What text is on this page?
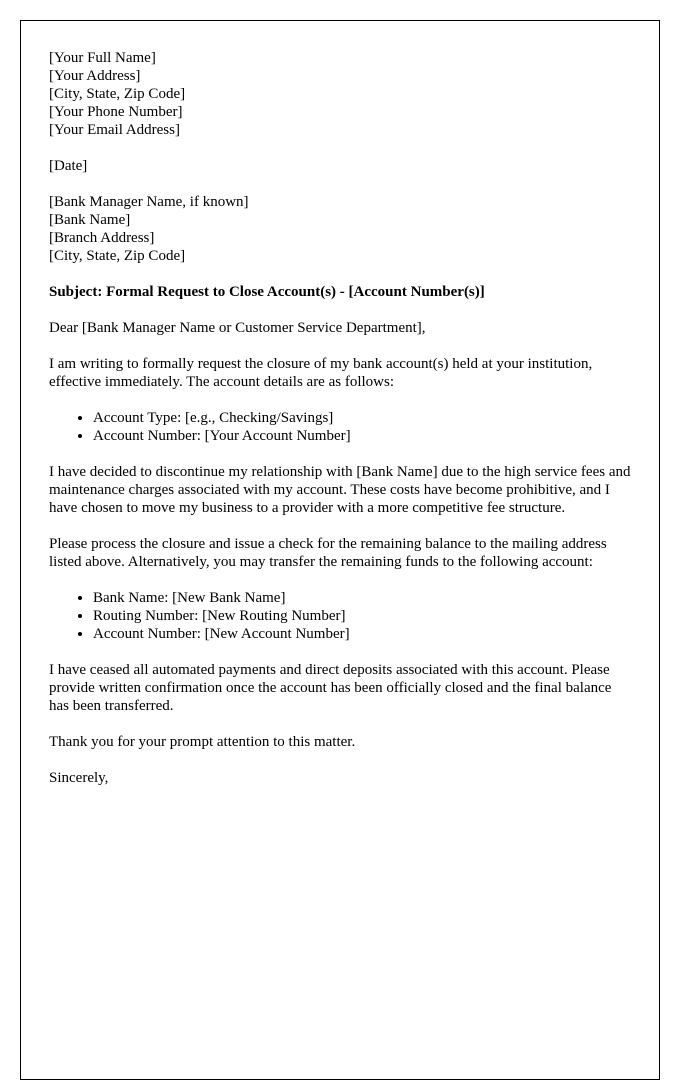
[Your Full Name]
[Your Address]
[City, State, Zip Code]
[Your Phone Number]
[Your Email Address]
[Date]
[Bank Manager Name, if known]
[Bank Name]
[Branch Address]
[City, State, Zip Code]
Subject: Formal Request to Close Account(s) - [Account Number(s)]
Dear [Bank Manager Name or Customer Service Department],
I am writing to formally request the closure of my bank account(s) held at your institution, effective immediately. The account details are as follows:
• Account Type: [e.g., Checking/Savings]
• Account Number: [Your Account Number]
I have decided to discontinue my relationship with [Bank Name] due to the high service fees and maintenance charges associated with my account. These costs have become prohibitive, and I have chosen to move my business to a provider with a more competitive fee structure.
Please process the closure and issue a check for the remaining balance to the mailing address listed above. Alternatively, you may transfer the remaining funds to the following account:
• Bank Name: [New Bank Name]
• Routing Number: [New Routing Number]
• Account Number: [New Account Number]
I have ceased all automated payments and direct deposits associated with this account. Please provide written confirmation once the account has been officially closed and the final balance has been transferred.
Thank you for your prompt attention to this matter.
Sincerely,
